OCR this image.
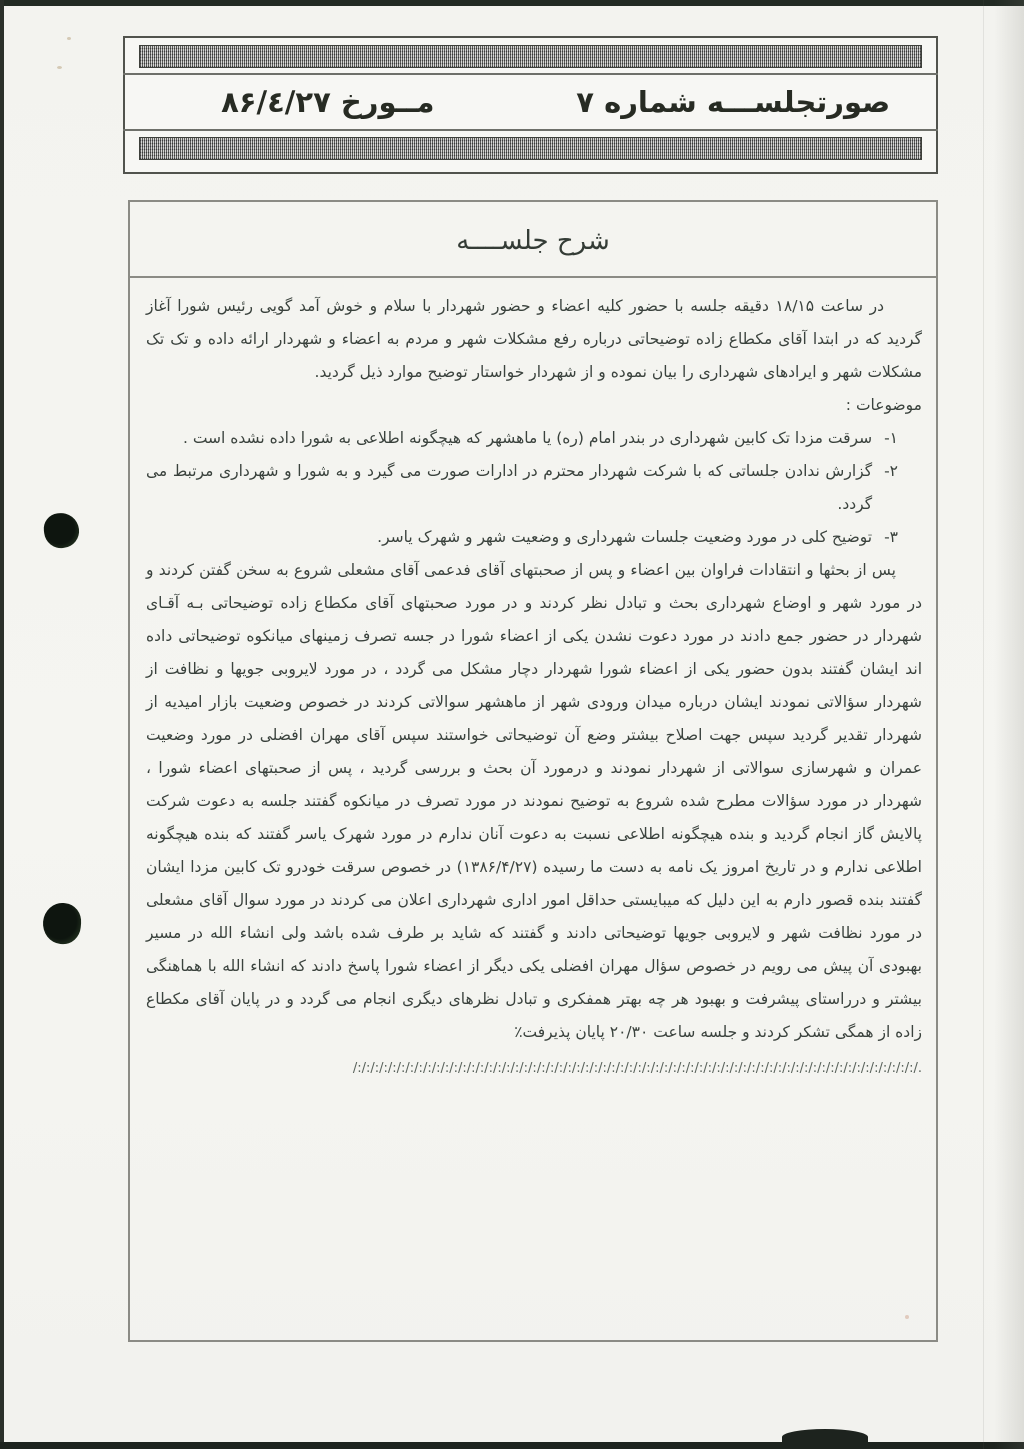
صورتجلســـه شماره ۷
مــورخ ۸۶/٤/۲۷
شرح جلســــه

در ساعت ۱۸/۱۵ دقیقه جلسه با حضور کلیه اعضاء و حضور شهردار با سلام و خوش آمد گویی رئیس شورا آغاز گردید که در ابتدا آقای مکطاع زاده توضیحاتی درباره رفع مشکلات شهر و مردم به اعضاء و شهردار ارائه داده و تک تک مشکلات شهر و ایرادهای شهرداری را بیان نموده و از شهردار خواستار توضیح موارد ذیل گردید.

موضوعات :

۱-
سرقت مزدا تک کابین شهرداری در بندر امام (ره) یا ماهشهر که هیچگونه اطلاعی به شورا داده نشده است .
۲-
گزارش ندادن جلساتی که با شرکت شهردار محترم در ادارات صورت می گیرد و به شورا و شهرداری مرتبط می گردد.
۳-
توضیح کلی در مورد وضعیت جلسات شهرداری و وضعیت شهر و شهرک یاسر.

پس از بحثها و انتقادات فراوان بین اعضاء و پس از صحبتهای آقای فدعمی آقای مشعلی شروع به سخن گفتن کردند و در مورد شهر و اوضاع شهرداری بحث و تبادل نظر کردند و در مورد صحبتهای آقای مکطاع زاده توضیحاتی بـه آقـای شهردار در حضور جمع دادند در مورد دعوت نشدن یکی از اعضاء شورا در جسه تصرف زمینهای میانکوه توضیحاتی داده اند ایشان گفتند بدون حضور یکی از اعضاء شورا شهردار دچار مشکل می گردد ، در مورد لایروبی جویها و نظافت از شهردار سؤالاتی نمودند ایشان درباره میدان ورودی شهر از ماهشهر سوالاتی کردند در خصوص وضعیت بازار امیدیه از شهردار تقدیر گردید سپس جهت اصلاح بیشتر وضع آن توضیحاتی خواستند سپس آقای مهران افضلی در مورد وضعیت عمران و شهرسازی سوالاتی از شهردار نمودند و درمورد آن بحث و بررسی گردید ، پس از صحبتهای اعضاء شورا ، شهردار در مورد سؤالات مطرح شده شروع به توضیح نمودند در مورد تصرف در میانکوه گفتند جلسه به دعوت شرکت پالایش گاز انجام گردید و بنده هیچگونه اطلاعی نسبت به دعوت آنان ندارم در مورد شهرک یاسر گفتند که بنده هیچگونه اطلاعی ندارم و در تاریخ امروز یک نامه به دست ما رسیده (۱۳۸۶/۴/۲۷) در خصوص سرقت خودرو تک کابین مزدا ایشان گفتند بنده قصور دارم به این دلیل که میبایستی حداقل امور اداری شهرداری اعلان می کردند در مورد سوال آقای مشعلی در مورد نظافت شهر و لایروبی جویها توضیحاتی دادند و گفتند که شاید بر طرف شده باشد ولی انشاء الله در مسیر بهبودی آن پیش می رویم در خصوص سؤال مهران افضلی یکی دیگر از اعضاء شورا پاسخ دادند که انشاء الله با هماهنگی بیشتر و درراستای پیشرفت و بهبود هر چه بهتر همفکری و تبادل نظرهای دیگری انجام می گردد و در پایان آقای مکطاع زاده از همگی تشکر کردند و جلسه ساعت ۲۰/۳۰ پایان پذیرفت٪

/:/:/:/:/:/:/:/:/:/:/:/:/:/:/:/:/:/:/:/:/:/:/:/:/:/:/:/:/:/:/:/:/:/:/:/:/:/:/:/:/:/:/:/:/:/:/:/:/:/:/:/:/:/:/:/:/:/:/:/:/:/:/:/:/.
